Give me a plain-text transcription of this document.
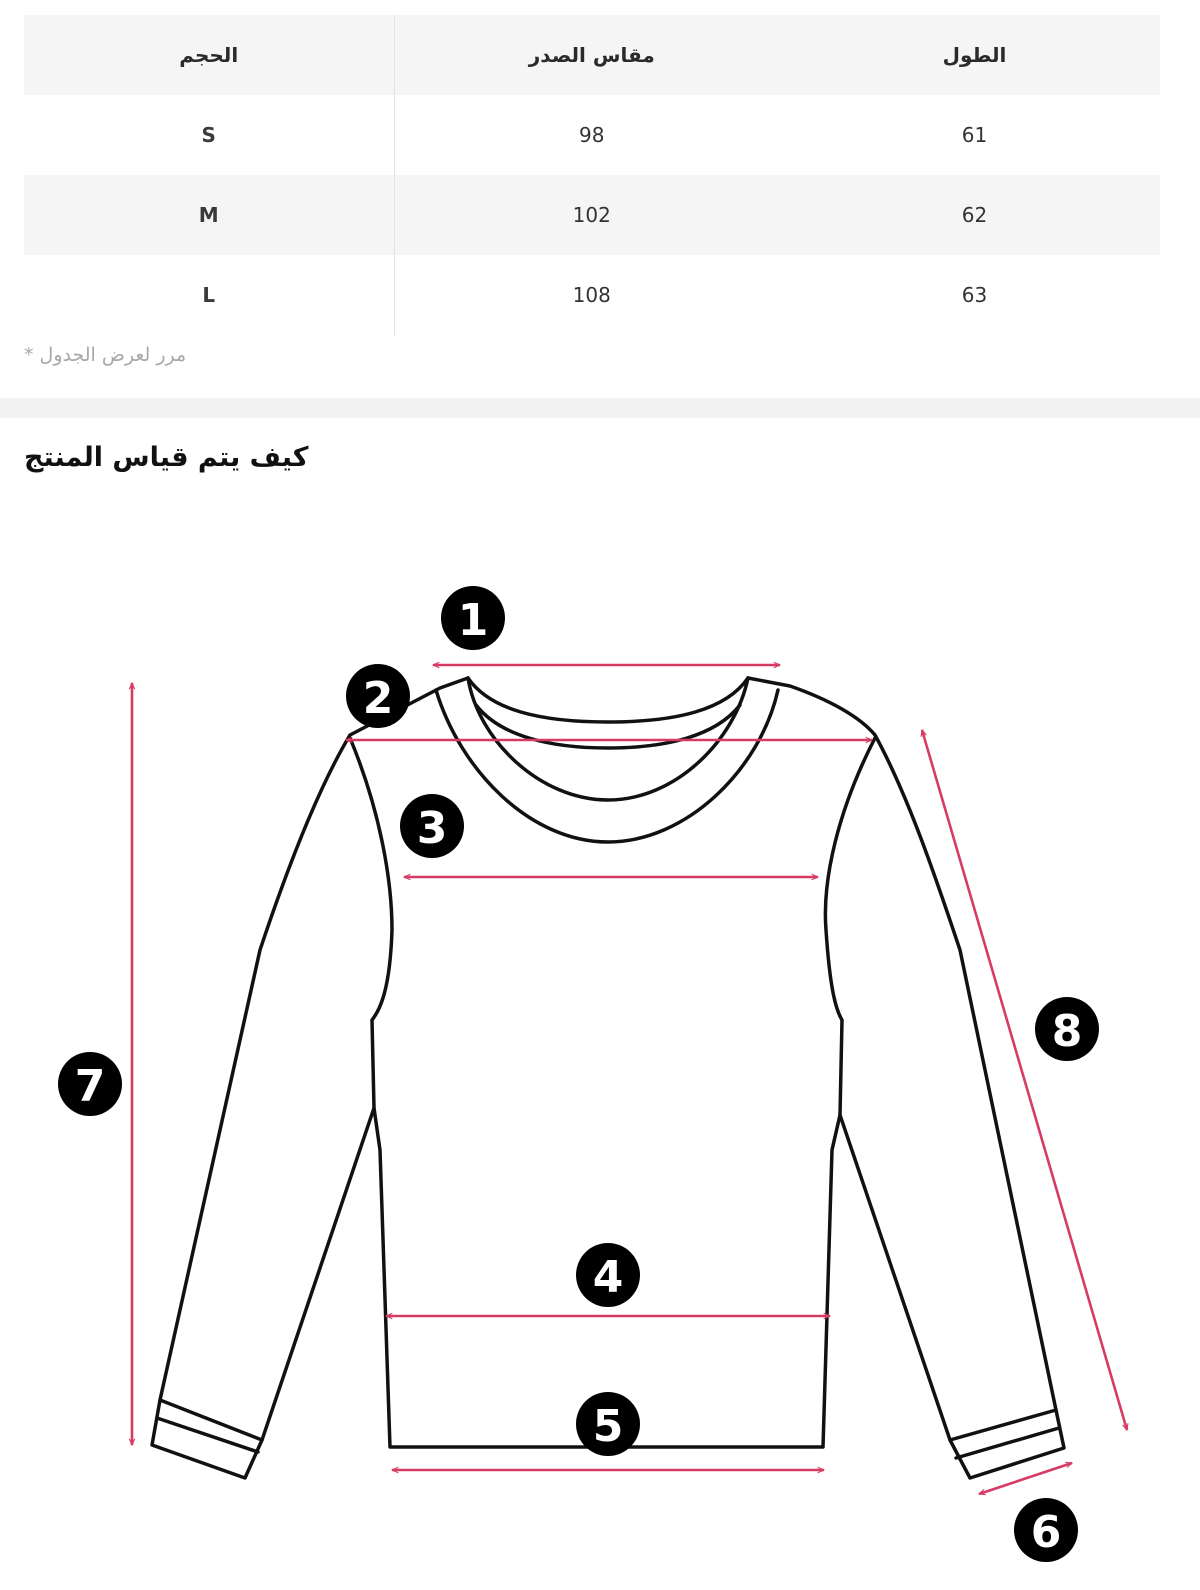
الحجم	مقاس الصدر	الطول
S	98	61
M	102	62
L	108	63
مرر لعرض الجدول *
كيف يتم قياس المنتج
1
2
3
4
5
6
7
8
